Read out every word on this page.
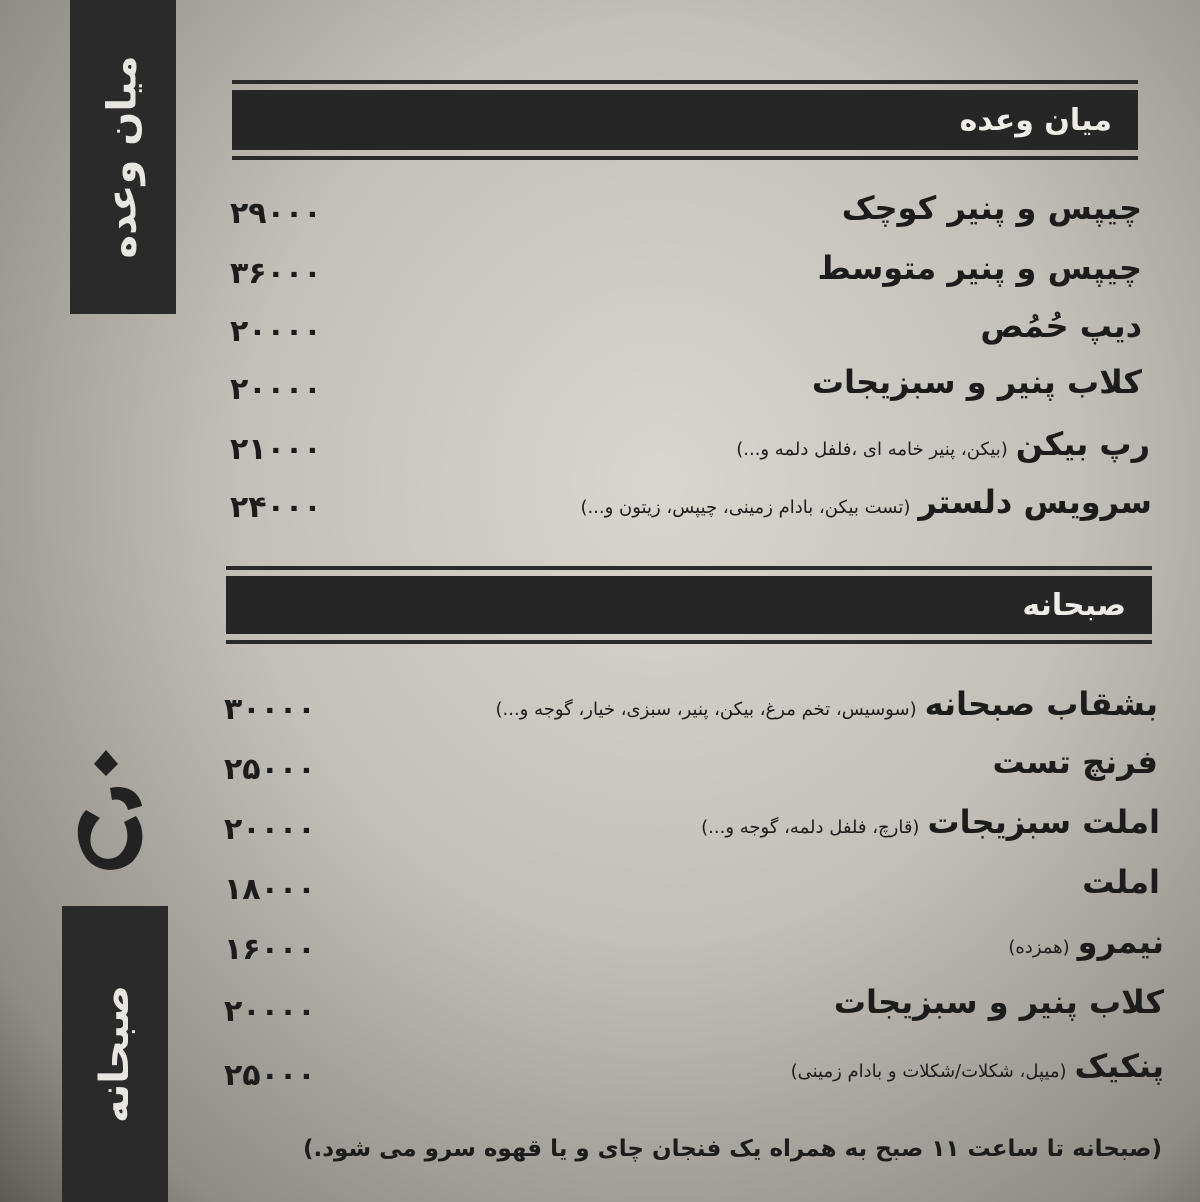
میان وعده
صبحانه
میان وعده
چیپس و پنیر کوچک
۲۹۰۰۰
چیپس و پنیر متوسط
۳۶۰۰۰
دیپ حُمُص
۲۰۰۰۰
کلاب پنیر و سبزیجات
۲۰۰۰۰
رپ بیکن(بیکن، پنیر خامه ای ،فلفل دلمه و...)
۲۱۰۰۰
سرویس دلستر(تست بیکن، بادام زمینی، چیپس، زیتون و...)
۲۴۰۰۰
صبحانه
بشقاب صبحانه(سوسیس، تخم مرغ، بیکن، پنیر، سبزی، خیار، گوجه و...)
۳۰۰۰۰
فرنچ تست
۲۵۰۰۰
املت سبزیجات(قارچ، فلفل دلمه، گوجه و...)
۲۰۰۰۰
املت
۱۸۰۰۰
نیمرو(همزده)
۱۶۰۰۰
کلاب پنیر و سبزیجات
۲۰۰۰۰
پنکیک(میپل، شکلات/شکلات و بادام زمینی)
۲۵۰۰۰
(صبحانه تا ساعت ۱۱ صبح به همراه یک فنجان چای و یا قهوه سرو می شود.)
